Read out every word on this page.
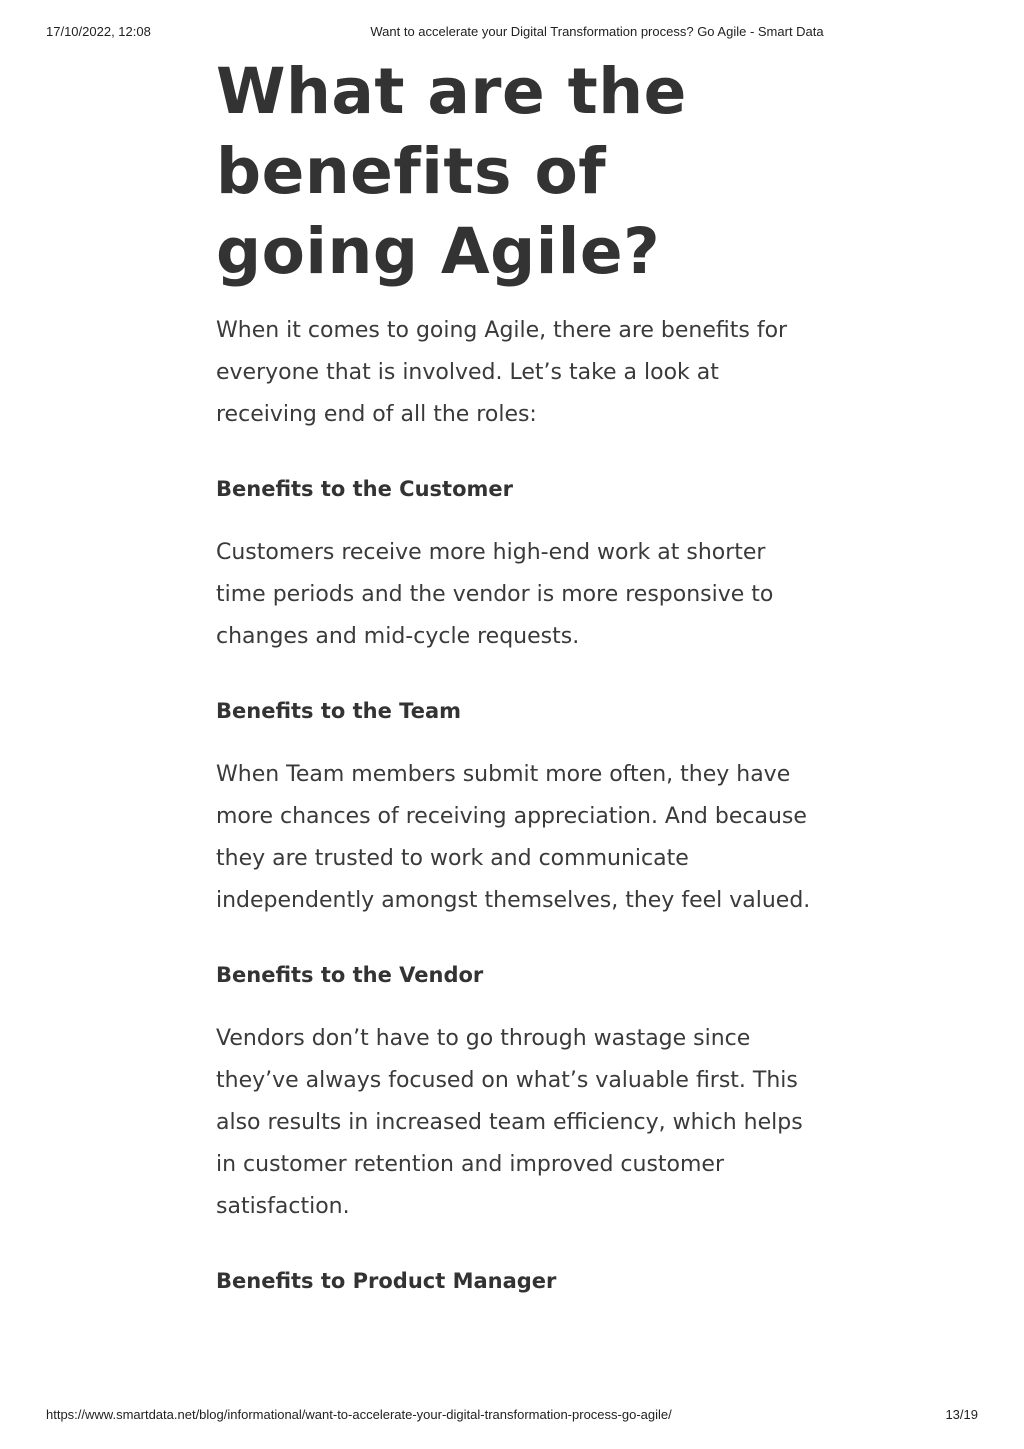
17/10/2022, 12:08	Want to accelerate your Digital Transformation process? Go Agile - Smart Data
What are the benefits of going Agile?

When it comes to going Agile, there are benefits for everyone that is involved. Let’s take a look at receiving end of all the roles:

Benefits to the Customer

Customers receive more high-end work at shorter time periods and the vendor is more responsive to changes and mid-cycle requests.

Benefits to the Team

When Team members submit more often, they have more chances of receiving appreciation. And because they are trusted to work and communicate independently amongst themselves, they feel valued.

Benefits to the Vendor

Vendors don’t have to go through wastage since they’ve always focused on what’s valuable first. This also results in increased team efficiency, which helps in customer retention and improved customer satisfaction.

Benefits to Product Manager
https://www.smartdata.net/blog/informational/want-to-accelerate-your-digital-transformation-process-go-agile/	13/19
